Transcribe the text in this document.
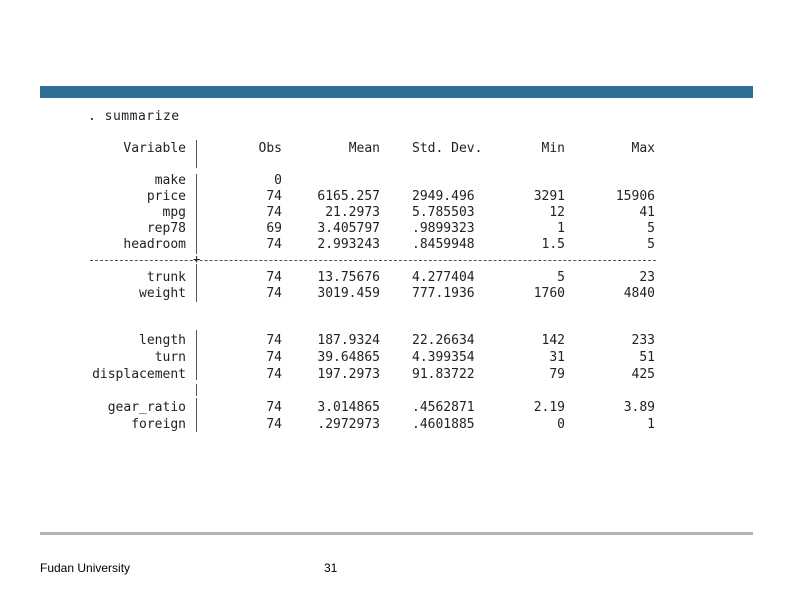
. summarize
Variable	Obs	Mean Std. Dev.	Min	Max
+
make	0
price	74	6165.257 2949.496	3291	15906
mpg	74	21.2973 5.785503	12	41
rep78	69	3.405797 .9899323	1	5
headroom	74	2.993243 .8459948	1.5	5
trunk	74	13.75676 4.277404	5	23
weight	74	3019.459 777.1936	1760	4840
length	74	187.9324 22.26634	142	233
turn	74	39.64865 4.399354	31	51
displacement	74	197.2973 91.83722	79	425
gear_ratio	74	3.014865 .4562871	2.19	3.89
foreign	74	.2972973 .4601885	0	1
Fudan University	31
